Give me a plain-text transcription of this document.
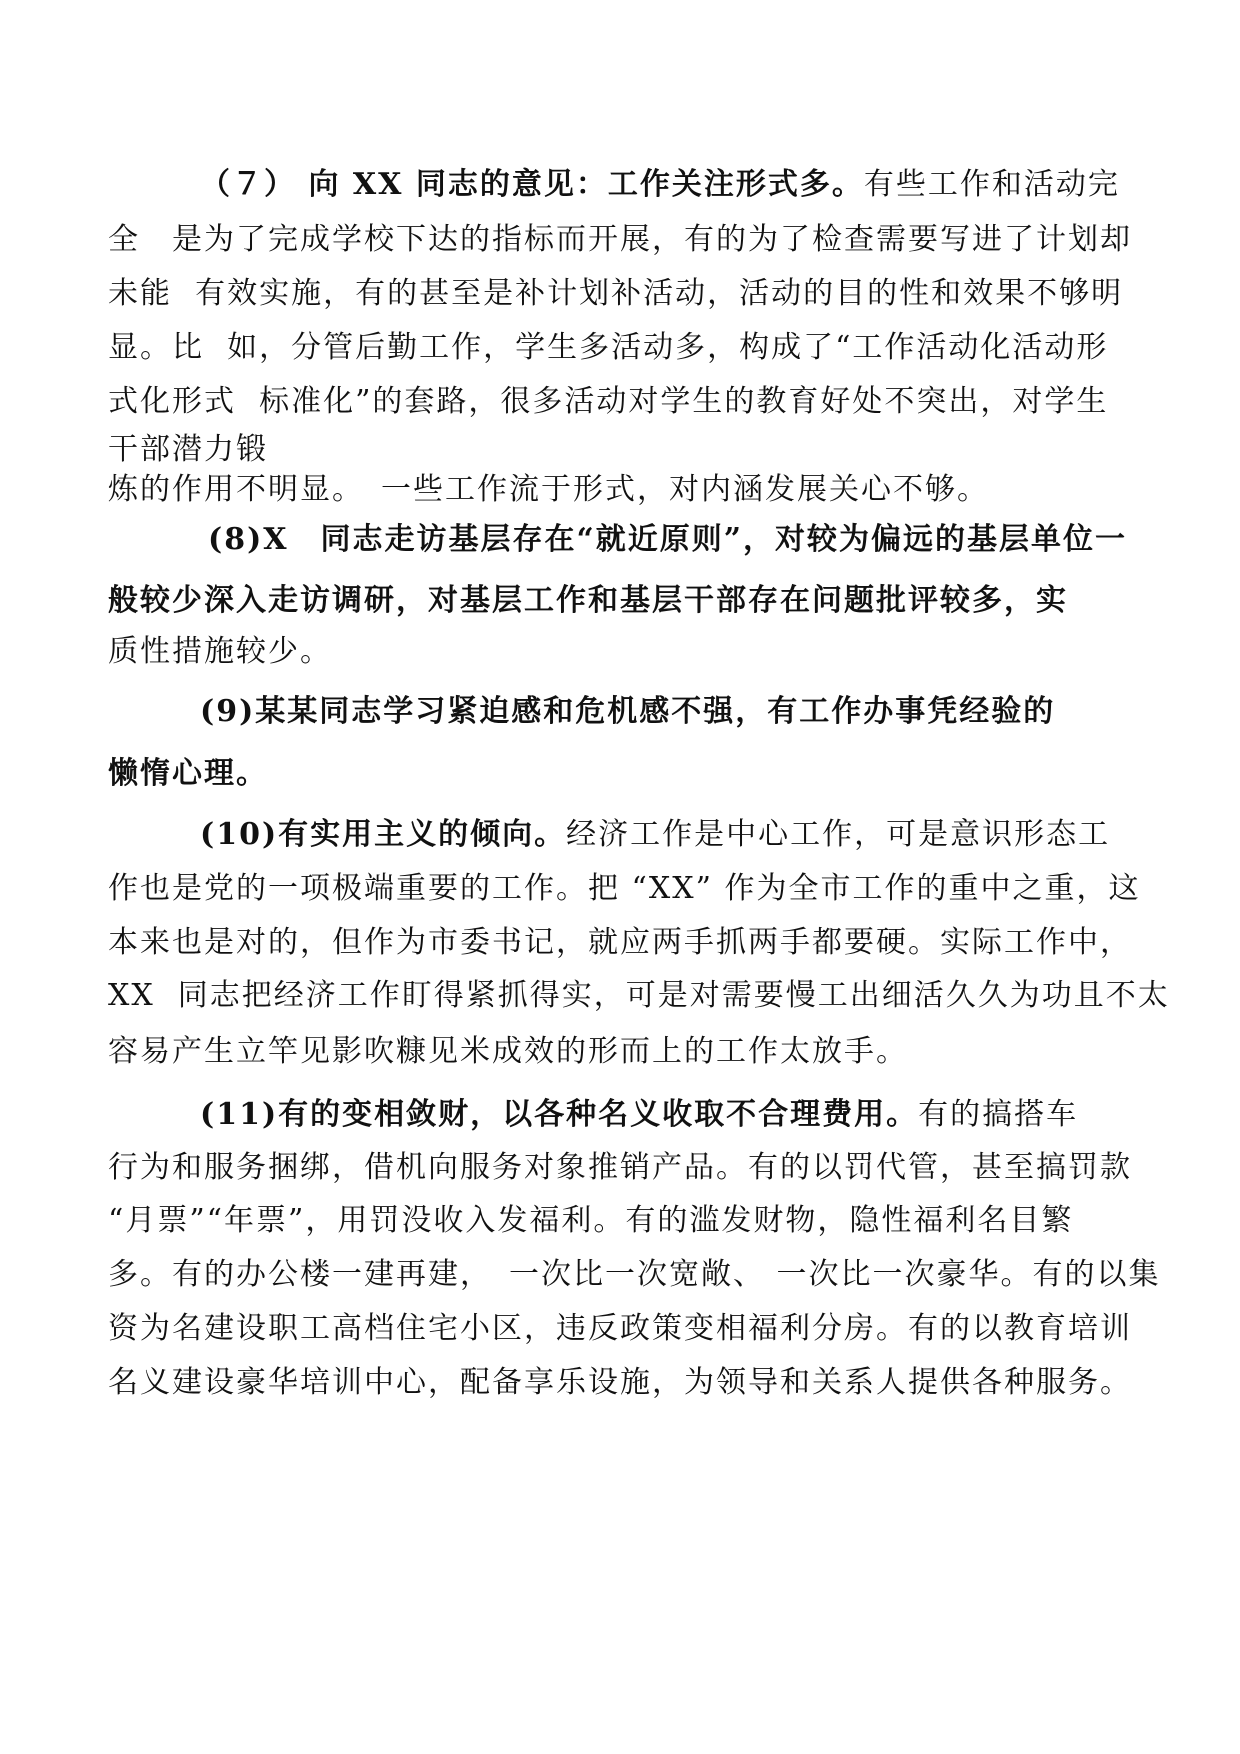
（７） 向 XX 同志的意见：工作关注形式多。有些工作和活动完
全　是为了完成学校下达的指标而开展，有的为了检查需要写进了计划却
未能  有效实施，有的甚至是补计划补活动，活动的目的性和效果不够明
显。比  如，分管后勤工作，学生多活动多，构成了“工作活动化活动形
式化形式  标准化”的套路，很多活动对学生的教育好处不突出，对学生
干部潜力锻
炼的作用不明显。　一些工作流于形式，对内涵发展关心不够。
(8)X　同志走访基层存在“就近原则”，对较为偏远的基层单位一
般较少深入走访调研，对基层工作和基层干部存在问题批评较多，实
质性措施较少。
(9)某某同志学习紧迫感和危机感不强，有工作办事凭经验的
懒惰心理。
(10)有实用主义的倾向。经济工作是中心工作，可是意识形态工
作也是党的一项极端重要的工作。把 “XX” 作为全市工作的重中之重，这
本来也是对的，但作为市委书记，就应两手抓两手都要硬。实际工作中，
XX  同志把经济工作盯得紧抓得实，可是对需要慢工出细活久久为功且不太
容易产生立竿见影吹糠见米成效的形而上的工作太放手。
(11)有的变相敛财，以各种名义收取不合理费用。有的搞搭车
行为和服务捆绑，借机向服务对象推销产品。有的以罚代管，甚至搞罚款
“月票”“年票”，用罚没收入发福利。有的滥发财物，隐性福利名目繁
多。有的办公楼一建再建，　一次比一次宽敞、 一次比一次豪华。有的以集
资为名建设职工高档住宅小区，违反政策变相福利分房。有的以教育培训
名义建设豪华培训中心，配备享乐设施，为领导和关系人提供各种服务。
